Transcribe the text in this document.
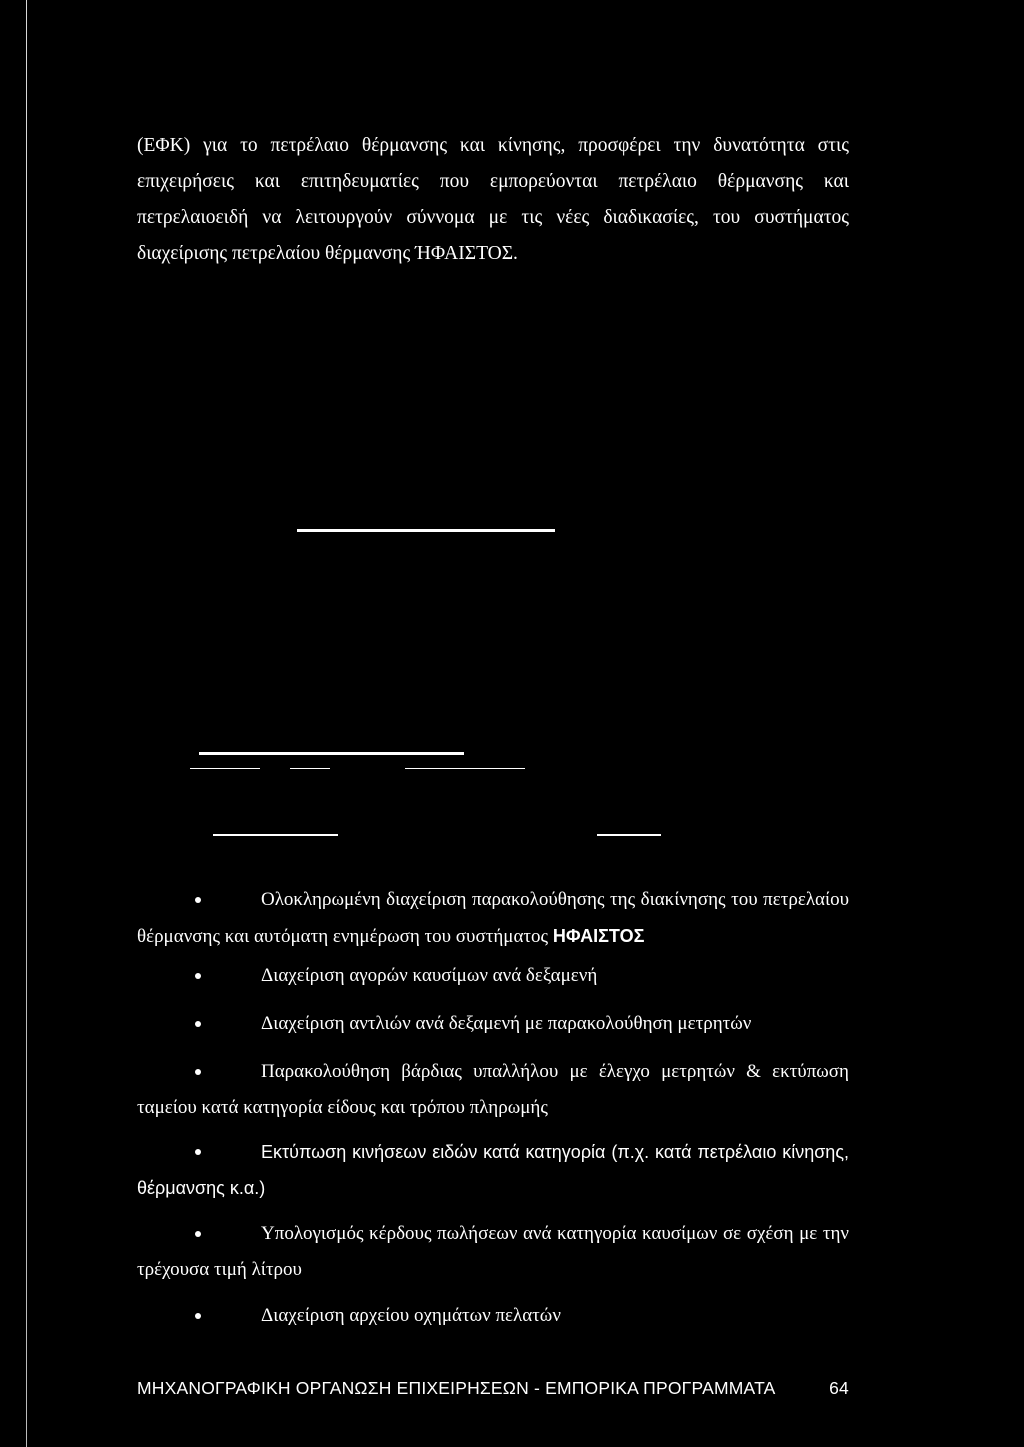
(ΕΦΚ) για το πετρέλαιο θέρμανσης και κίνησης, προσφέρει την δυνατότητα στις επιχειρήσεις και επιτηδευματίες που εμπορεύονται πετρέλαιο θέρμανσης και πετρελαιοειδή να λειτουργούν σύννομα με τις νέες διαδικασίες, του συστήματος διαχείρισης πετρελαίου θέρμανσης ΉΦΑΙΣΤΟΣ.

Ολοκληρωμένη διαχείριση παρακολούθησης της διακίνησης του πετρελαίου θέρμανσης και αυτόματη ενημέρωση του συστήματος ΗΦΑΙΣΤΟΣ

Διαχείριση αγορών καυσίμων ανά δεξαμενή

Διαχείριση αντλιών ανά δεξαμενή με παρακολούθηση μετρητών

Παρακολούθηση βάρδιας υπαλλήλου με έλεγχο μετρητών & εκτύπωση ταμείου κατά κατηγορία είδους και τρόπου πληρωμής

Εκτύπωση κινήσεων ειδών κατά κατηγορία (π.χ. κατά πετρέλαιο κίνησης, θέρμανσης κ.α.)

Υπολογισμός κέρδους πωλήσεων ανά κατηγορία καυσίμων σε σχέση με την τρέχουσα τιμή λίτρου

Διαχείριση αρχείου οχημάτων πελατών

ΜΗΧΑΝΟΓΡΑΦΙΚΗ ΟΡΓΑΝΩΣΗ ΕΠΙΧΕΙΡΗΣΕΩΝ - ΕΜΠΟΡΙΚΑ ΠΡΟΓΡΑΜΜΑΤΑ	64
